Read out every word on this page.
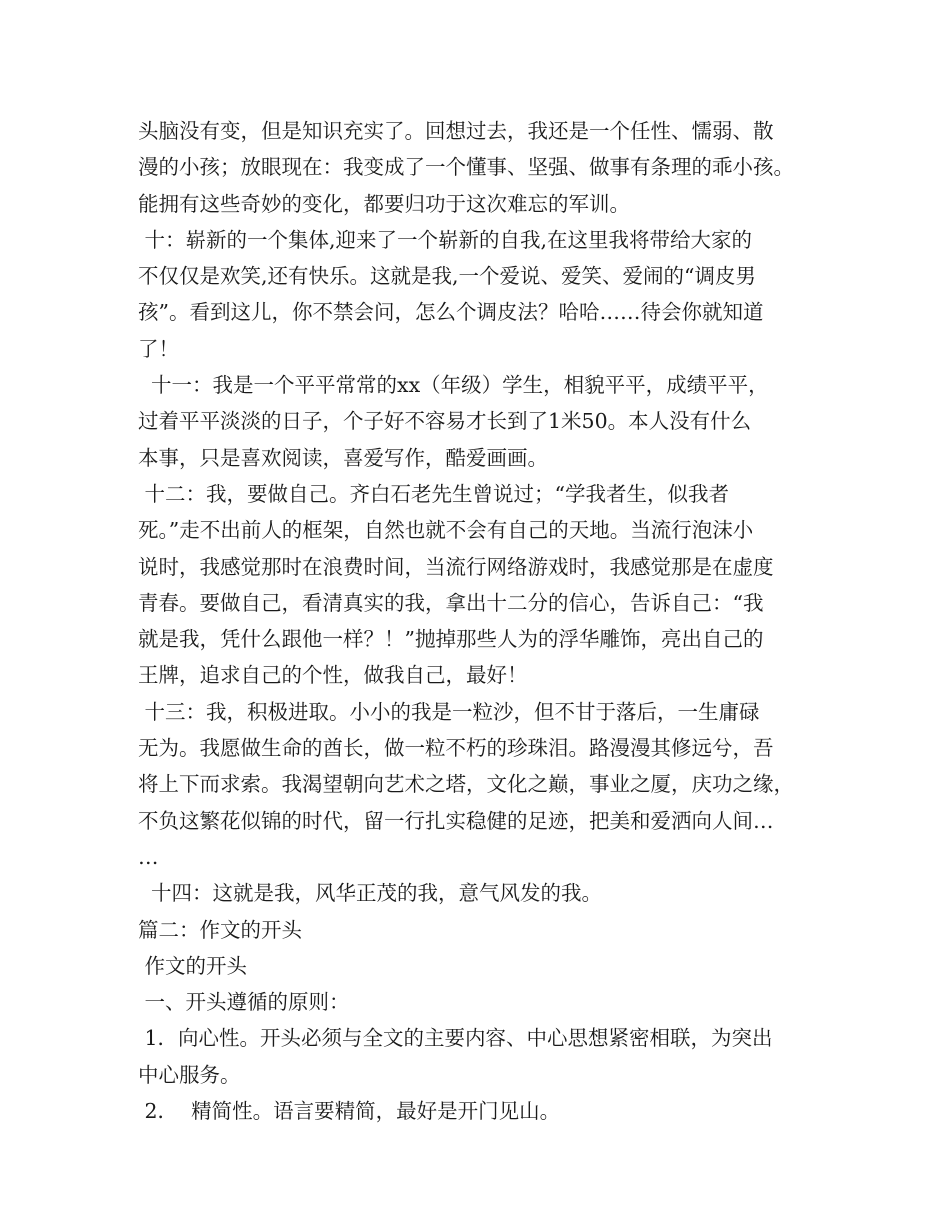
头脑没有变，但是知识充实了。回想过去，我还是一个任性、懦弱、散
漫的小孩；放眼现在：我变成了一个懂事、坚强、做事有条理的乖小孩。
能拥有这些奇妙的变化，都要归功于这次难忘的军训。
十：崭新的一个集体,迎来了一个崭新的自我,在这里我将带给大家的
不仅仅是欢笑,还有快乐。这就是我,一个爱说、爱笑、爱闹的“调皮男
孩”。看到这儿，你不禁会问，怎么个调皮法？哈哈……待会你就知道
了！
十一：我是一个平平常常的xx（年级）学生，相貌平平，成绩平平，
过着平平淡淡的日子，个子好不容易才长到了1米50。本人没有什么
本事，只是喜欢阅读，喜爱写作，酷爱画画。
十二：我，要做自己。齐白石老先生曾说过；“学我者生，似我者
死。”走不出前人的框架，自然也就不会有自己的天地。当流行泡沫小
说时，我感觉那时在浪费时间，当流行网络游戏时，我感觉那是在虚度
青春。要做自己，看清真实的我，拿出十二分的信心，告诉自己：“我
就是我，凭什么跟他一样？！”抛掉那些人为的浮华雕饰，亮出自己的
王牌，追求自己的个性，做我自己，最好！
十三：我，积极进取。小小的我是一粒沙，但不甘于落后，一生庸碌
无为。我愿做生命的酋长，做一粒不朽的珍珠泪。路漫漫其修远兮，吾
将上下而求索。我渴望朝向艺术之塔，文化之巅，事业之厦，庆功之缘，
不负这繁花似锦的时代，留一行扎实稳健的足迹，把美和爱洒向人间…
…
十四：这就是我，风华正茂的我，意气风发的我。
篇二：作文的开头
作文的开头
一、开头遵循的原则：
1．向心性。开头必须与全文的主要内容、中心思想紧密相联，为突出
中心服务。
2．  精简性。语言要精简，最好是开门见山。
